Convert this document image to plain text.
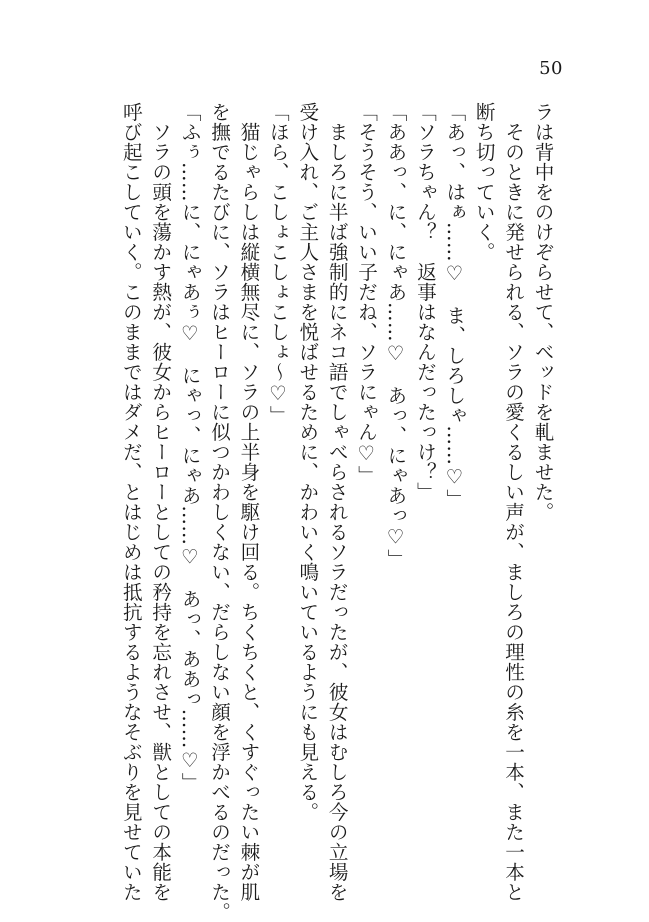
50
ラは背中をのけぞらせて、ベッドを軋ませた。
　そのときに発せられる、ソラの愛くるしい声が、ましろの理性の糸を一本、また一本と
断ち切っていく。
「あっ、はぁ……♡　ま、しろしゃ……♡」
「ソラちゃん？　返事はなんだったっけ？」
「ああっ、に、にゃあ……♡　あっ、にゃあっ♡」
「そうそう、いい子だね、ソラにゃん♡」
　ましろに半ば強制的にネコ語でしゃべらされるソラだったが、彼女はむしろ今の立場を
受け入れ、ご主人さまを悦ばせるために、かわいく鳴いているようにも見える。
「ほら、こしょこしょこしょ〜♡」
　猫じゃらしは縦横無尽に、ソラの上半身を駆け回る。ちくちくと、くすぐったい棘が肌
を撫でるたびに、ソラはヒーローに似つかわしくない、だらしない顔を浮かべるのだった。
「ふぅ……に、にゃあぅ♡　にゃっ、にゃあ……♡　あっ、ああっ……♡」
　ソラの頭を蕩かす熱が、彼女からヒーローとしての矜持を忘れさせ、獣としての本能を
呼び起こしていく。このままではダメだ、とはじめは抵抗するようなそぶりを見せていた
